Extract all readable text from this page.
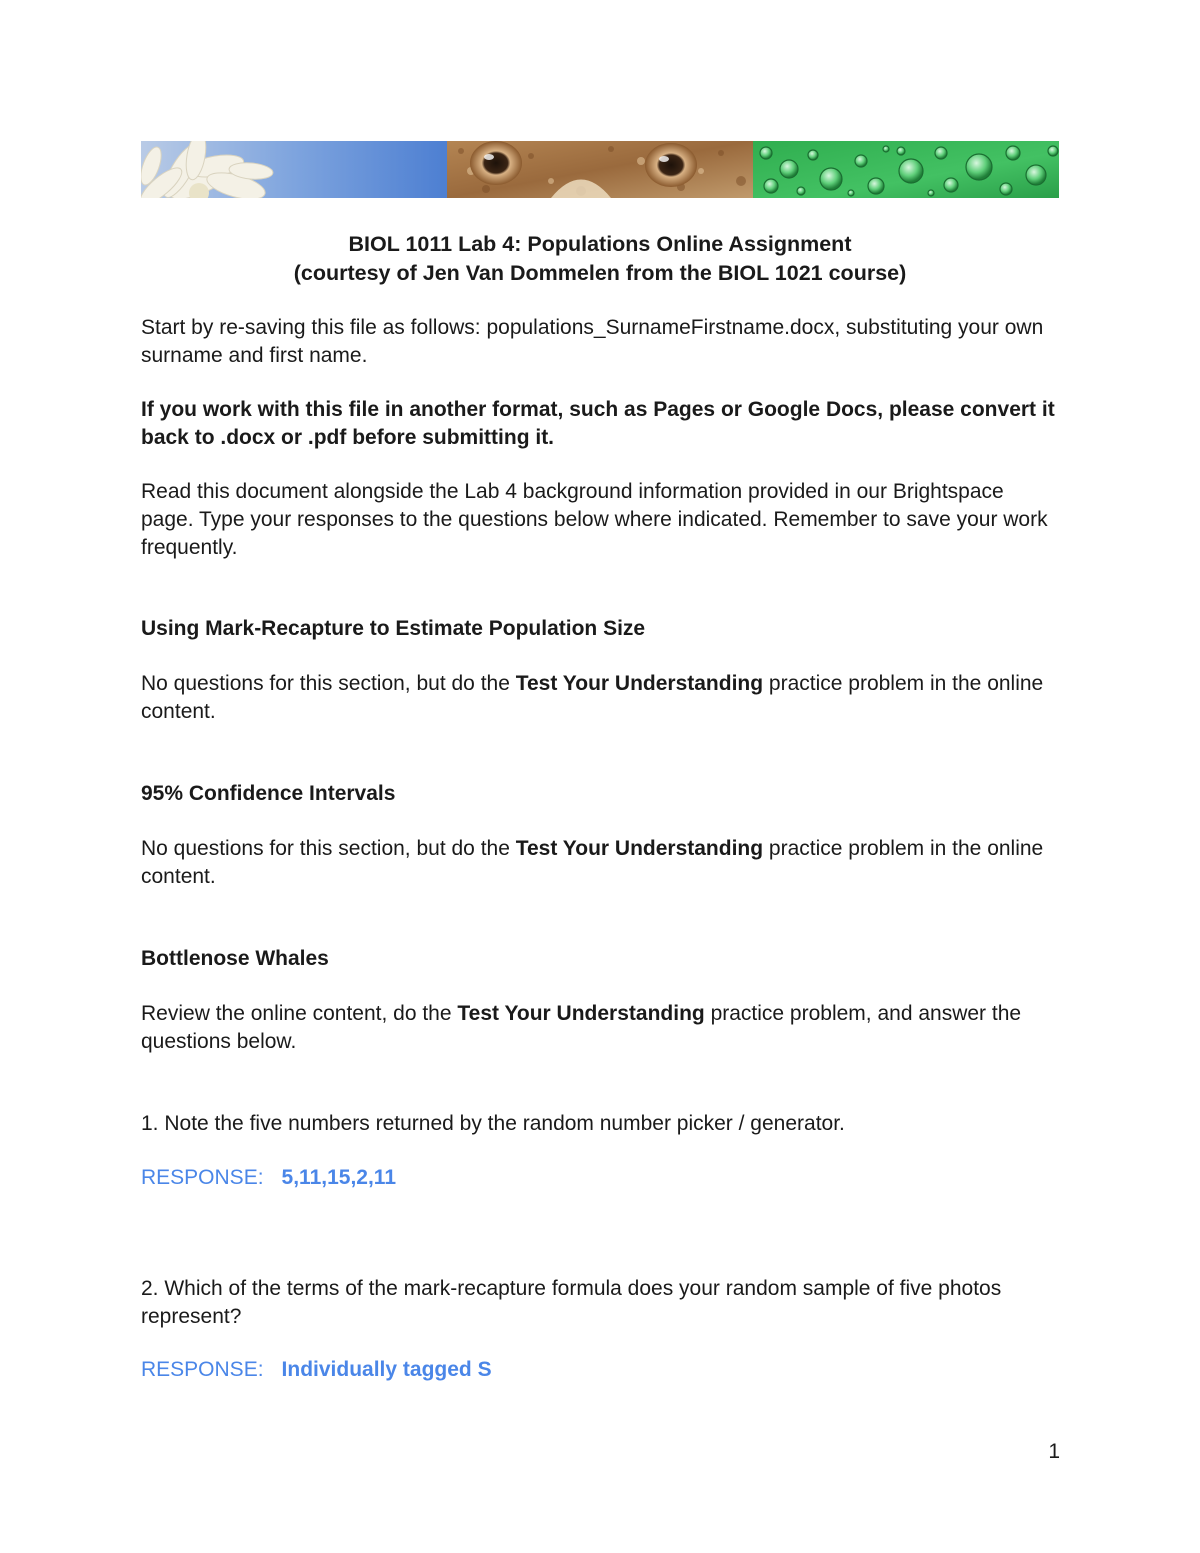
BIOL 1011 Lab 4: Populations Online Assignment
(courtesy of Jen Van Dommelen from the BIOL 1021 course)

Start by re-saving this file as follows: populations_SurnameFirstname.docx, substituting your own surname and first name.

If you work with this file in another format, such as Pages or Google Docs, please convert it back to .docx or .pdf before submitting it.

Read this document alongside the Lab 4 background information provided in our Brightspace page. Type your responses to the questions below where indicated. Remember to save your work frequently.

Using Mark-Recapture to Estimate Population Size

No questions for this section, but do the Test Your Understanding practice problem in the online content.

95% Confidence Intervals

No questions for this section, but do the Test Your Understanding practice problem in the online content.

Bottlenose Whales

Review the online content, do the Test Your Understanding practice problem, and answer the questions below.

1. Note the five numbers returned by the random number picker / generator.

RESPONSE: 5,11,15,2,11

2. Which of the terms of the mark-recapture formula does your random sample of five photos represent?

RESPONSE: Individually tagged S

1
